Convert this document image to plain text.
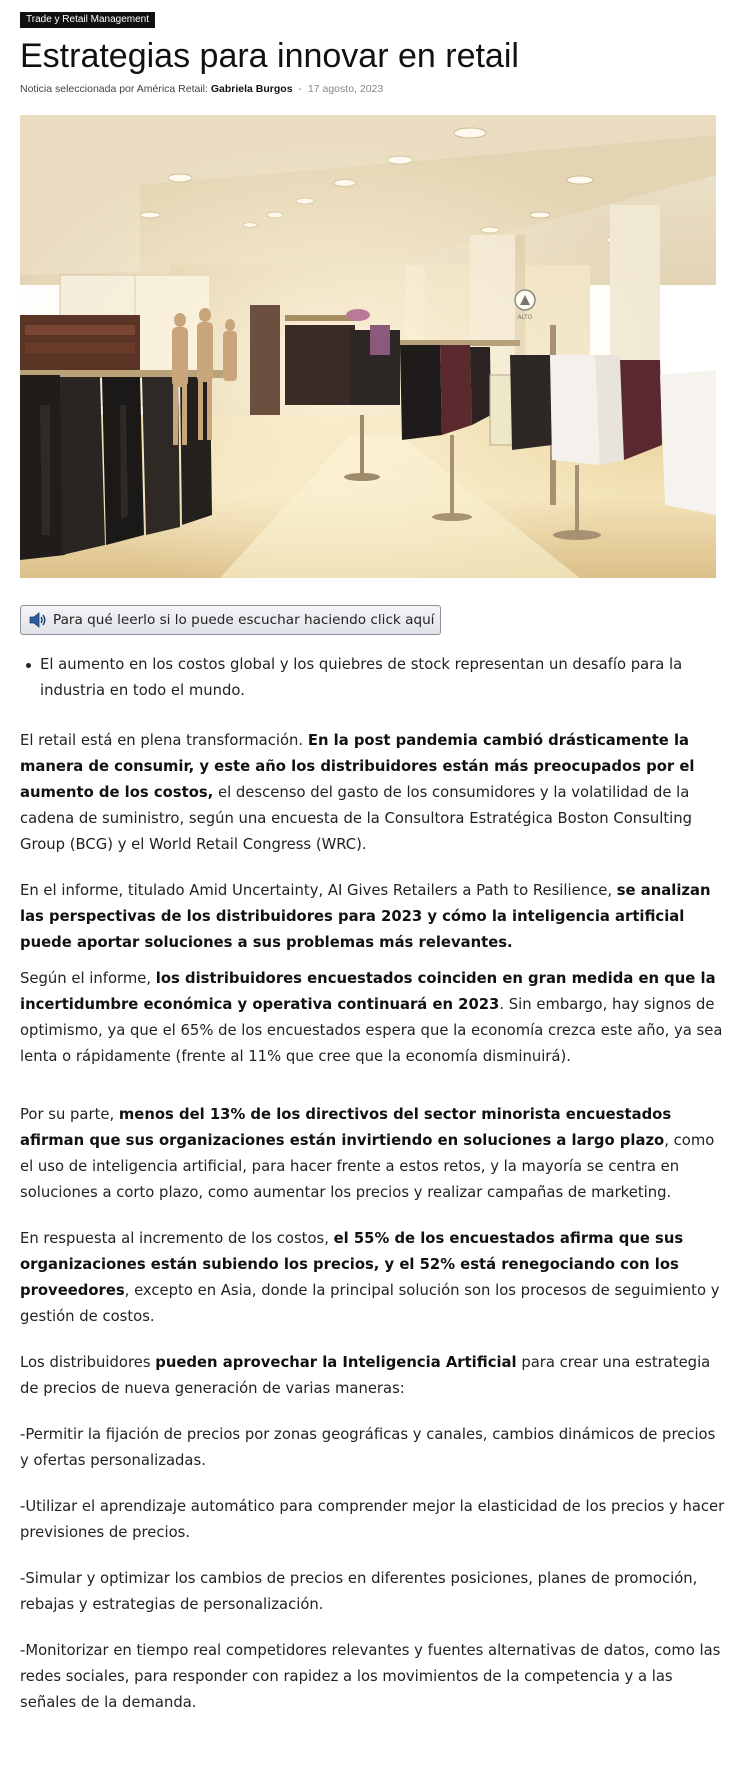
Trade y Retail Management
Estrategias para innovar en retail
Noticia seleccionada por América Retail: Gabriela Burgos - 17 agosto, 2023
Para qué leerlo si lo puede escuchar haciendo click aquí
El aumento en los costos global y los quiebres de stock representan un desafío para la industria en todo el mundo.

El retail está en plena transformación. En la post pandemia cambió drásticamente la manera de consumir, y este año los distribuidores están más preocupados por el aumento de los costos, el descenso del gasto de los consumidores y la volatilidad de la cadena de suministro, según una encuesta de la Consultora Estratégica Boston Consulting Group (BCG) y el World Retail Congress (WRC).

En el informe, titulado Amid Uncertainty, AI Gives Retailers a Path to Resilience, se analizan las perspectivas de los distribuidores para 2023 y cómo la inteligencia artificial puede aportar soluciones a sus problemas más relevantes.

Según el informe, los distribuidores encuestados coinciden en gran medida en que la incertidumbre económica y operativa continuará en 2023. Sin embargo, hay signos de optimismo, ya que el 65% de los encuestados espera que la economía crezca este año, ya sea lenta o rápidamente (frente al 11% que cree que la economía disminuirá).

Por su parte, menos del 13% de los directivos del sector minorista encuestados afirman que sus organizaciones están invirtiendo en soluciones a largo plazo, como el uso de inteligencia artificial, para hacer frente a estos retos, y la mayoría se centra en soluciones a corto plazo, como aumentar los precios y realizar campañas de marketing.

En respuesta al incremento de los costos, el 55% de los encuestados afirma que sus organizaciones están subiendo los precios, y el 52% está renegociando con los proveedores, excepto en Asia, donde la principal solución son los procesos de seguimiento y gestión de costos.

Los distribuidores pueden aprovechar la Inteligencia Artificial para crear una estrategia de precios de nueva generación de varias maneras:

-Permitir la fijación de precios por zonas geográficas y canales, cambios dinámicos de precios y ofertas personalizadas.

-Utilizar el aprendizaje automático para comprender mejor la elasticidad de los precios y hacer previsiones de precios.

-Simular y optimizar los cambios de precios en diferentes posiciones, planes de promoción, rebajas y estrategias de personalización.

-Monitorizar en tiempo real competidores relevantes y fuentes alternativas de datos, como las redes sociales, para responder con rapidez a los movimientos de la competencia y a las señales de la demanda.
